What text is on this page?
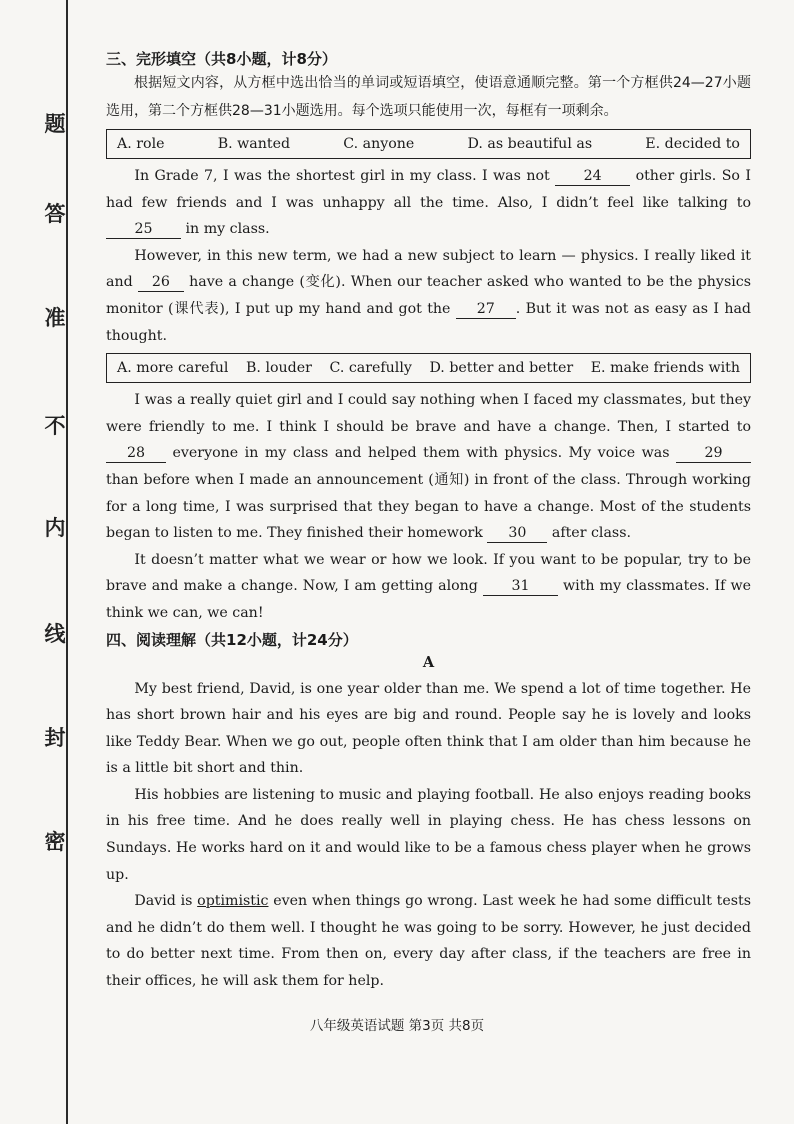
题
答
准
不
内
线
封
密
三、完形填空（共8小题，计8分）

根据短文内容，从方框中选出恰当的单词或短语填空，使语意通顺完整。第一个方框供24—27小题选用，第二个方框供28—31小题选用。每个选项只能使用一次，每框有一项剩余。

A. role	B. wanted	C. anyone	D. as beautiful as	E. decided to

In Grade 7, I was the shortest girl in my class. I was not 24 other girls. So I had few friends and I was unhappy all the time. Also, I didn’t feel like talking to 25 in my class.

However, in this new term, we had a new subject to learn — physics. I really liked it and 26 have a change (变化). When our teacher asked who wanted to be the physics monitor (课代表), I put up my hand and got the 27 . But it was not as easy as I had thought.

A. more careful B. louder C. carefully D. better and better E. make friends with

I was a really quiet girl and I could say nothing when I faced my classmates, but they were friendly to me. I think I should be brave and have a change. Then, I started to 28 everyone in my class and helped them with physics. My voice was 29 than before when I made an announcement (通知) in front of the class. Through working for a long time, I was surprised that they began to have a change. Most of the students began to listen to me. They finished their homework 30 after class.

It doesn’t matter what we wear or how we look. If you want to be popular, try to be brave and make a change. Now, I am getting along 31 with my classmates. If we think we can, we can!

四、阅读理解（共12小题，计24分）
A

My best friend, David, is one year older than me. We spend a lot of time together. He has short brown hair and his eyes are big and round. People say he is lovely and looks like Teddy Bear. When we go out, people often think that I am older than him because he is a little bit short and thin.

His hobbies are listening to music and playing football. He also enjoys reading books in his free time. And he does really well in playing chess. He has chess lessons on Sundays. He works hard on it and would like to be a famous chess player when he grows up.

David is optimistic even when things go wrong. Last week he had some difficult tests and he didn’t do them well. I thought he was going to be sorry. However, he just decided to do better next time. From then on, every day after class, if the teachers are free in their offices, he will ask them for help.

八年级英语试题 第3页 共8页
